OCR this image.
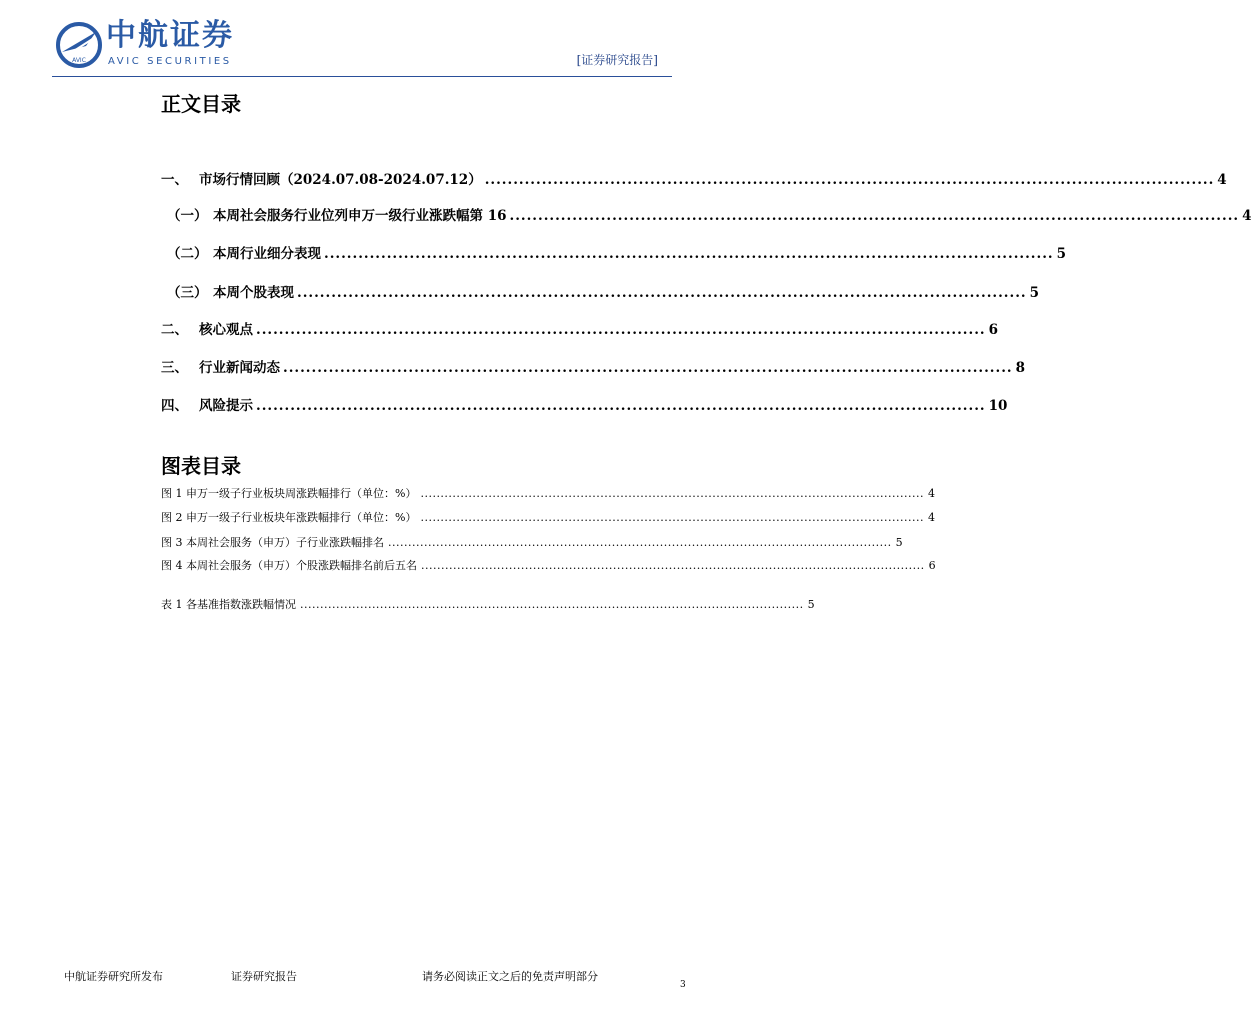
AVIC
中航证券
AVIC SECURITIES	[证券研究报告]
正文目录
一、 市场行情回顾（2024.07.08-2024.07.12） ................................................................................................................................ 4
（一） 本周社会服务行业位列申万一级行业涨跌幅第 16 ................................................................................................................................ 4
（二） 本周行业细分表现 ................................................................................................................................ 5
（三） 本周个股表现 ................................................................................................................................ 5
二、 核心观点 ................................................................................................................................ 6
三、 行业新闻动态 ................................................................................................................................ 8
四、 风险提示 ................................................................................................................................ 10
图表目录
图 1 申万一级子行业板块周涨跌幅排行（单位：%） .............................................................................................................................. 4
图 2 申万一级子行业板块年涨跌幅排行（单位：%） .............................................................................................................................. 4
图 3 本周社会服务（申万）子行业涨跌幅排名 .............................................................................................................................. 5
图 4 本周社会服务（申万）个股涨跌幅排名前后五名 .............................................................................................................................. 6
表 1 各基准指数涨跌幅情况 .............................................................................................................................. 5
中航证券研究所发布	证券研究报告	请务必阅读正文之后的免责声明部分
3
